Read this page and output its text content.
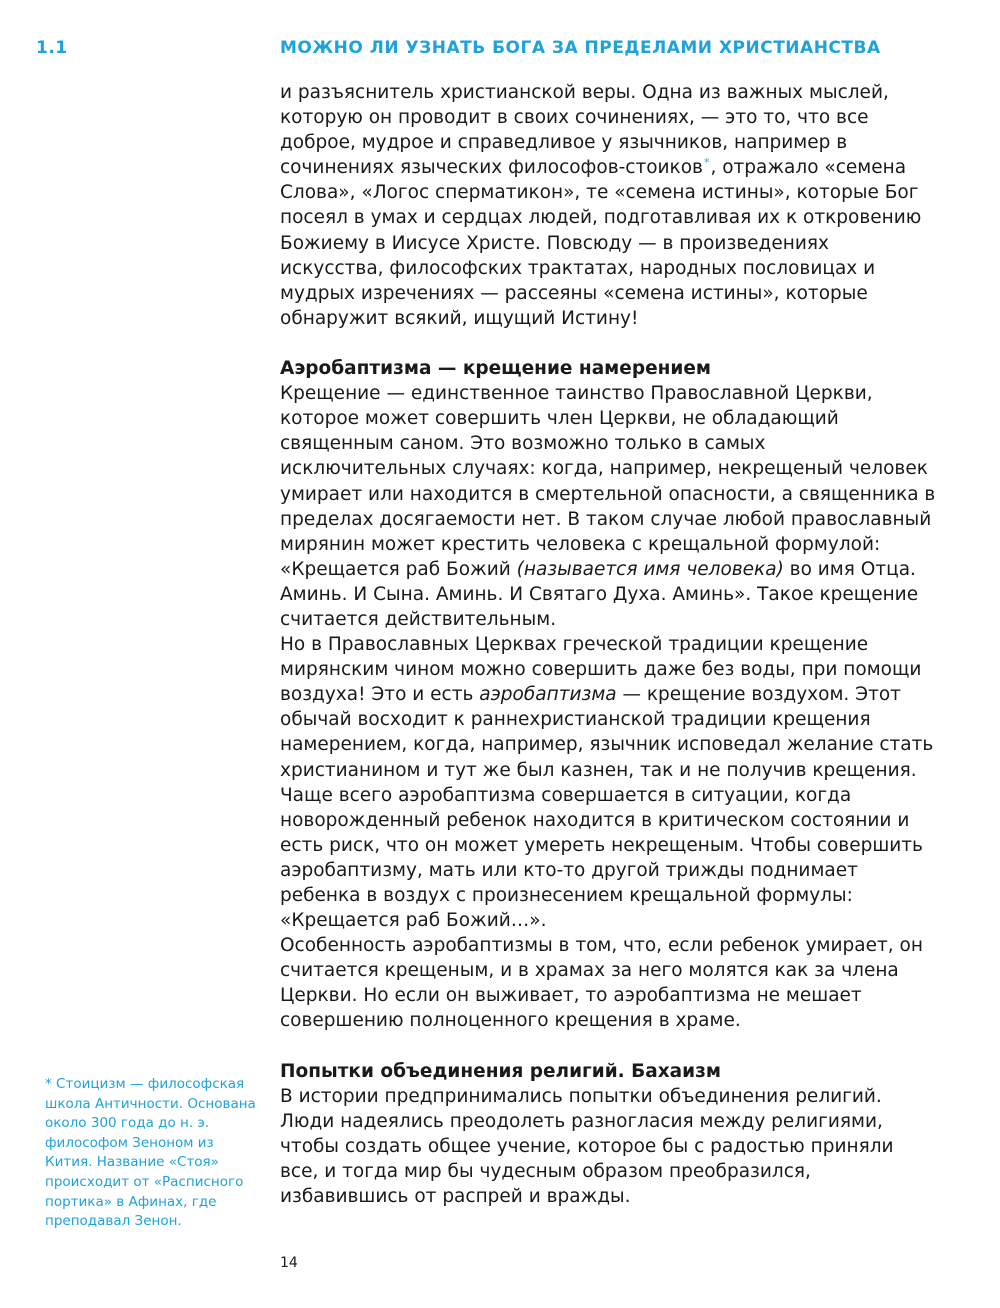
1.1	МОЖНО ЛИ УЗНАТЬ БОГА ЗА ПРЕДЕЛАМИ ХРИСТИАНСТВА

и разъяснитель христианской веры. Одна из важных мыслей, которую он проводит в своих сочинениях, — это то, что все доброе, мудрое и справедливое у язычников, например в сочинениях языческих философов-стоиков*, отражало «семена Слова», «Логос сперматикон», те «семена истины», которые Бог посеял в умах и сердцах людей, подготавливая их к откровению Божиему в Иисусе Христе. Повсюду — в произведениях искусства, философских трактатах, народных пословицах и мудрых изречениях — рассеяны «семена истины», которые обнаружит всякий, ищущий Истину!

Аэробаптизма — крещение намерением

Крещение — единственное таинство Православной Церкви, которое может совершить член Церкви, не обладающий священным саном. Это возможно только в самых исключительных случаях: когда, например, некрещеный человек умирает или находится в смертельной опасности, а священника в пределах досягаемости нет. В таком случае любой православный мирянин может крестить человека с крещальной формулой: «Крещается раб Божий (называется имя человека) во имя Отца. Аминь. И Сына. Аминь. И Святаго Духа. Аминь». Такое крещение считается действительным.

Но в Православных Церквах греческой традиции крещение мирянским чином можно совершить даже без воды, при помощи воздуха! Это и есть аэробаптизма — крещение воздухом. Этот обычай восходит к раннехристианской традиции крещения намерением, когда, например, язычник исповедал желание стать христианином и тут же был казнен, так и не получив крещения.

Чаще всего аэробаптизма совершается в ситуации, когда новорожденный ребенок находится в критическом состоянии и есть риск, что он может умереть некрещеным. Чтобы совершить аэробаптизму, мать или кто-то другой трижды поднимает ребенка в воздух с произнесением крещальной формулы: «Крещается раб Божий…».

Особенность аэробаптизмы в том, что, если ребенок умирает, он считается крещеным, и в храмах за него молятся как за члена Церкви. Но если он выживает, то аэробаптизма не мешает совершению полноценного крещения в храме.

Попытки объединения религий. Бахаизм

В истории предпринимались попытки объединения религий. Люди надеялись преодолеть разногласия между религиями, чтобы создать общее учение, которое бы с радостью приняли все, и тогда мир бы чудесным образом преобразился, избавившись от распрей и вражды.

* Стоицизм — философская школа Античности. Основана около 300 года до н. э. философом Зеноном из Кития. Название «Стоя» происходит от «Расписного портика» в Афинах, где преподавал Зенон.
14
